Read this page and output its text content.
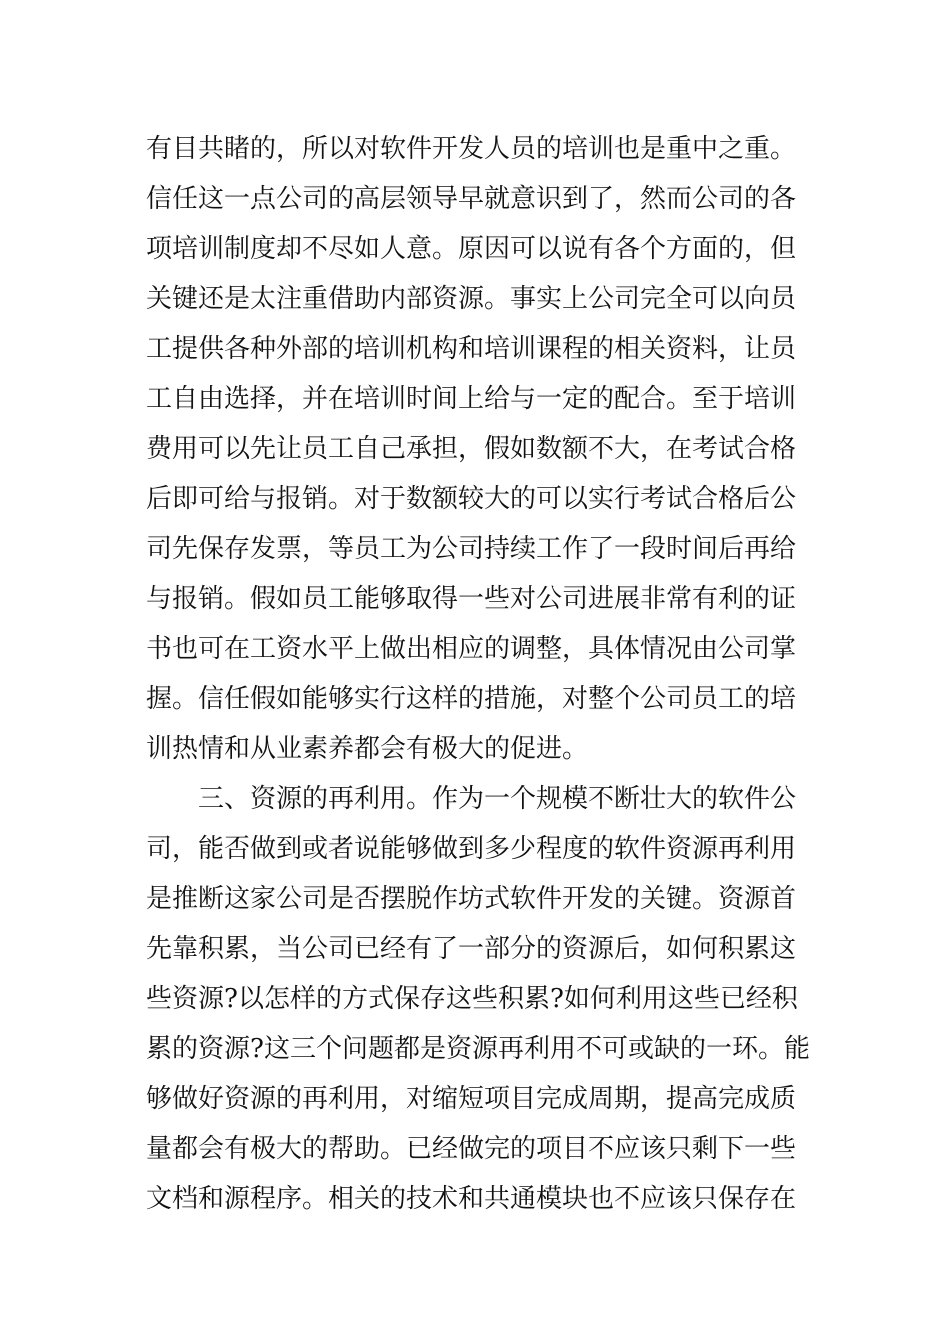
有目共睹的，所以对软件开发人员的培训也是重中之重。
信任这一点公司的高层领导早就意识到了，然而公司的各
项培训制度却不尽如人意。原因可以说有各个方面的，但
关键还是太注重借助内部资源。事实上公司完全可以向员
工提供各种外部的培训机构和培训课程的相关资料，让员
工自由选择，并在培训时间上给与一定的配合。至于培训
费用可以先让员工自己承担，假如数额不大，在考试合格
后即可给与报销。对于数额较大的可以实行考试合格后公
司先保存发票，等员工为公司持续工作了一段时间后再给
与报销。假如员工能够取得一些对公司进展非常有利的证
书也可在工资水平上做出相应的调整，具体情况由公司掌
握。信任假如能够实行这样的措施，对整个公司员工的培
训热情和从业素养都会有极大的促进。
三、资源的再利用。作为一个规模不断壮大的软件公
司，能否做到或者说能够做到多少程度的软件资源再利用
是推断这家公司是否摆脱作坊式软件开发的关键。资源首
先靠积累，当公司已经有了一部分的资源后，如何积累这
些资源?以怎样的方式保存这些积累?如何利用这些已经积
累的资源?这三个问题都是资源再利用不可或缺的一环。能
够做好资源的再利用，对缩短项目完成周期，提高完成质
量都会有极大的帮助。已经做完的项目不应该只剩下一些
文档和源程序。相关的技术和共通模块也不应该只保存在
